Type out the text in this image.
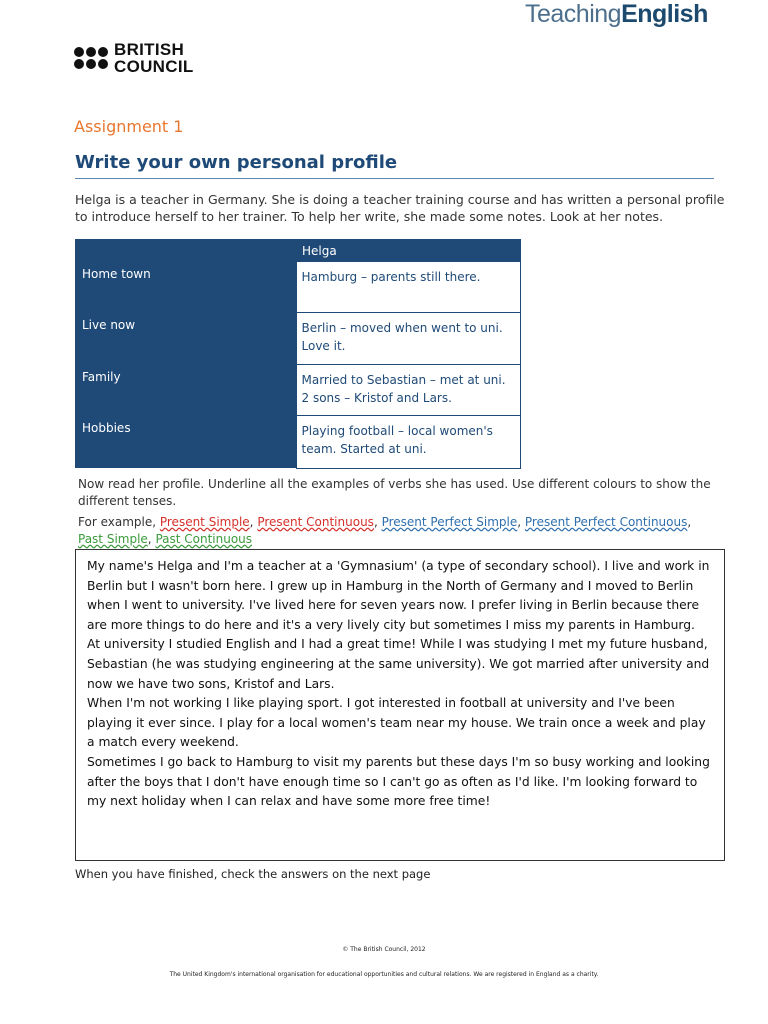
TeachingEnglish
BRITISH
COUNCIL
Assignment 1
Write your own personal profile
Helga is a teacher in Germany. She is doing a teacher training course and has written a personal profile to introduce herself to her trainer. To help her write, she made some notes. Look at her notes.
	Helga
Home town	Hamburg – parents still there.
Live now	Berlin – moved when went to uni. Love it.
Family	Married to Sebastian – met at uni. 2 sons – Kristof and Lars.
Hobbies	Playing football – local women's team. Started at uni.
Now read her profile. Underline all the examples of verbs she has used. Use different colours to show the different tenses.
For example, Present Simple, Present Continuous, Present Perfect Simple, Present Perfect Continuous, Past Simple, Past Continuous

My name's Helga and I'm a teacher at a 'Gymnasium' (a type of secondary school). I live and work in Berlin but I wasn't born here. I grew up in Hamburg in the North of Germany and I moved to Berlin when I went to university. I've lived here for seven years now. I prefer living in Berlin because there are more things to do here and it's a very lively city but sometimes I miss my parents in Hamburg.

At university I studied English and I had a great time! While I was studying I met my future husband, Sebastian (he was studying engineering at the same university). We got married after university and now we have two sons, Kristof and Lars.

When I'm not working I like playing sport. I got interested in football at university and I've been playing it ever since. I play for a local women's team near my house. We train once a week and play a match every weekend.

Sometimes I go back to Hamburg to visit my parents but these days I'm so busy working and looking after the boys that I don't have enough time so I can't go as often as I'd like. I'm looking forward to my next holiday when I can relax and have some more free time!

When you have finished, check the answers on the next page
© The British Council, 2012
The United Kingdom's international organisation for educational opportunities and cultural relations. We are registered in England as a charity.
